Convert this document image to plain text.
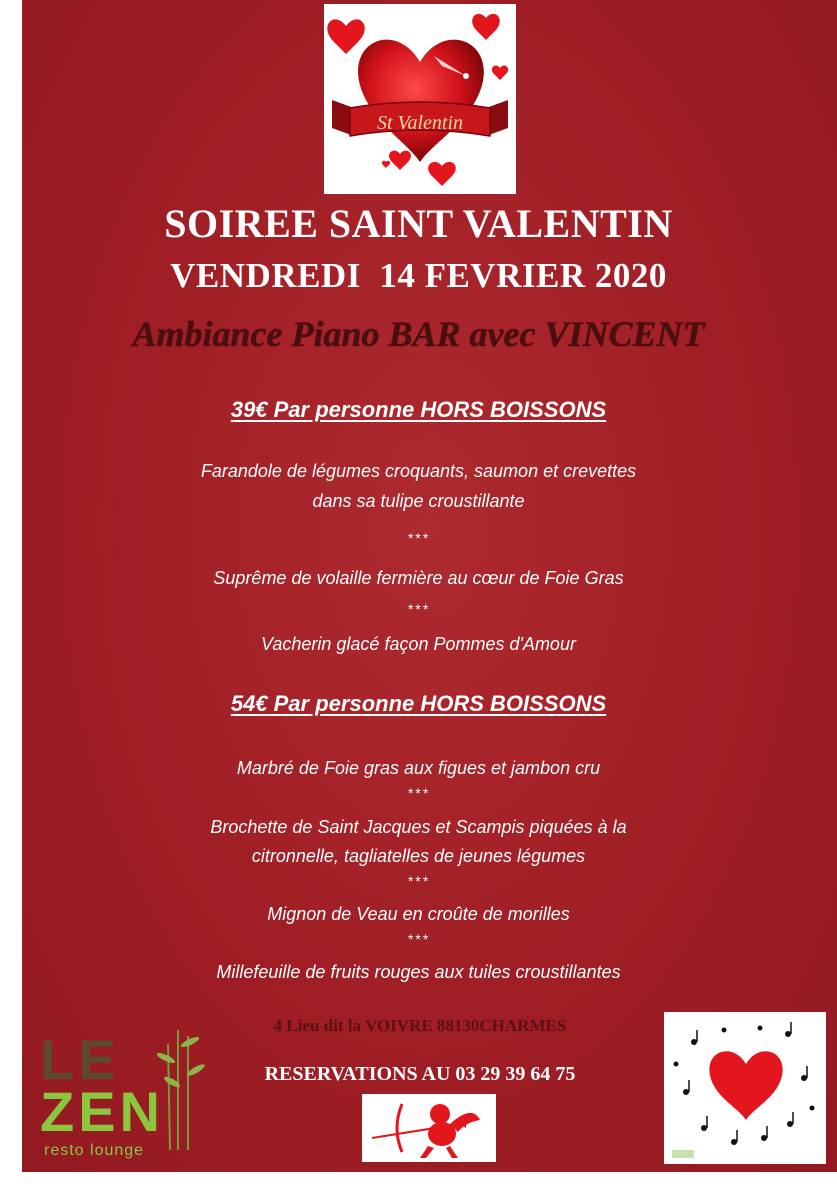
St Valentin
SOIREE SAINT VALENTIN
VENDREDI  14 FEVRIER 2020
Ambiance Piano BAR avec VINCENT
39€ Par personne HORS BOISSONS
Farandole de légumes croquants, saumon et crevettes
dans sa tulipe croustillante
***
Suprême de volaille fermière au cœur de Foie Gras
***
Vacherin glacé façon Pommes d'Amour
54€ Par personne HORS BOISSONS
Marbré de Foie gras aux figues et jambon cru
***
Brochette de Saint Jacques et Scampis piquées à la
citronnelle, tagliatelles de jeunes légumes
***
Mignon de Veau en croûte de morilles
***
Millefeuille de fruits rouges aux tuiles croustillantes
4 Lieu dit la VOIVRE 88130CHARMES
RESERVATIONS AU 03 29 39 64 75
LE
ZEN
resto lounge
